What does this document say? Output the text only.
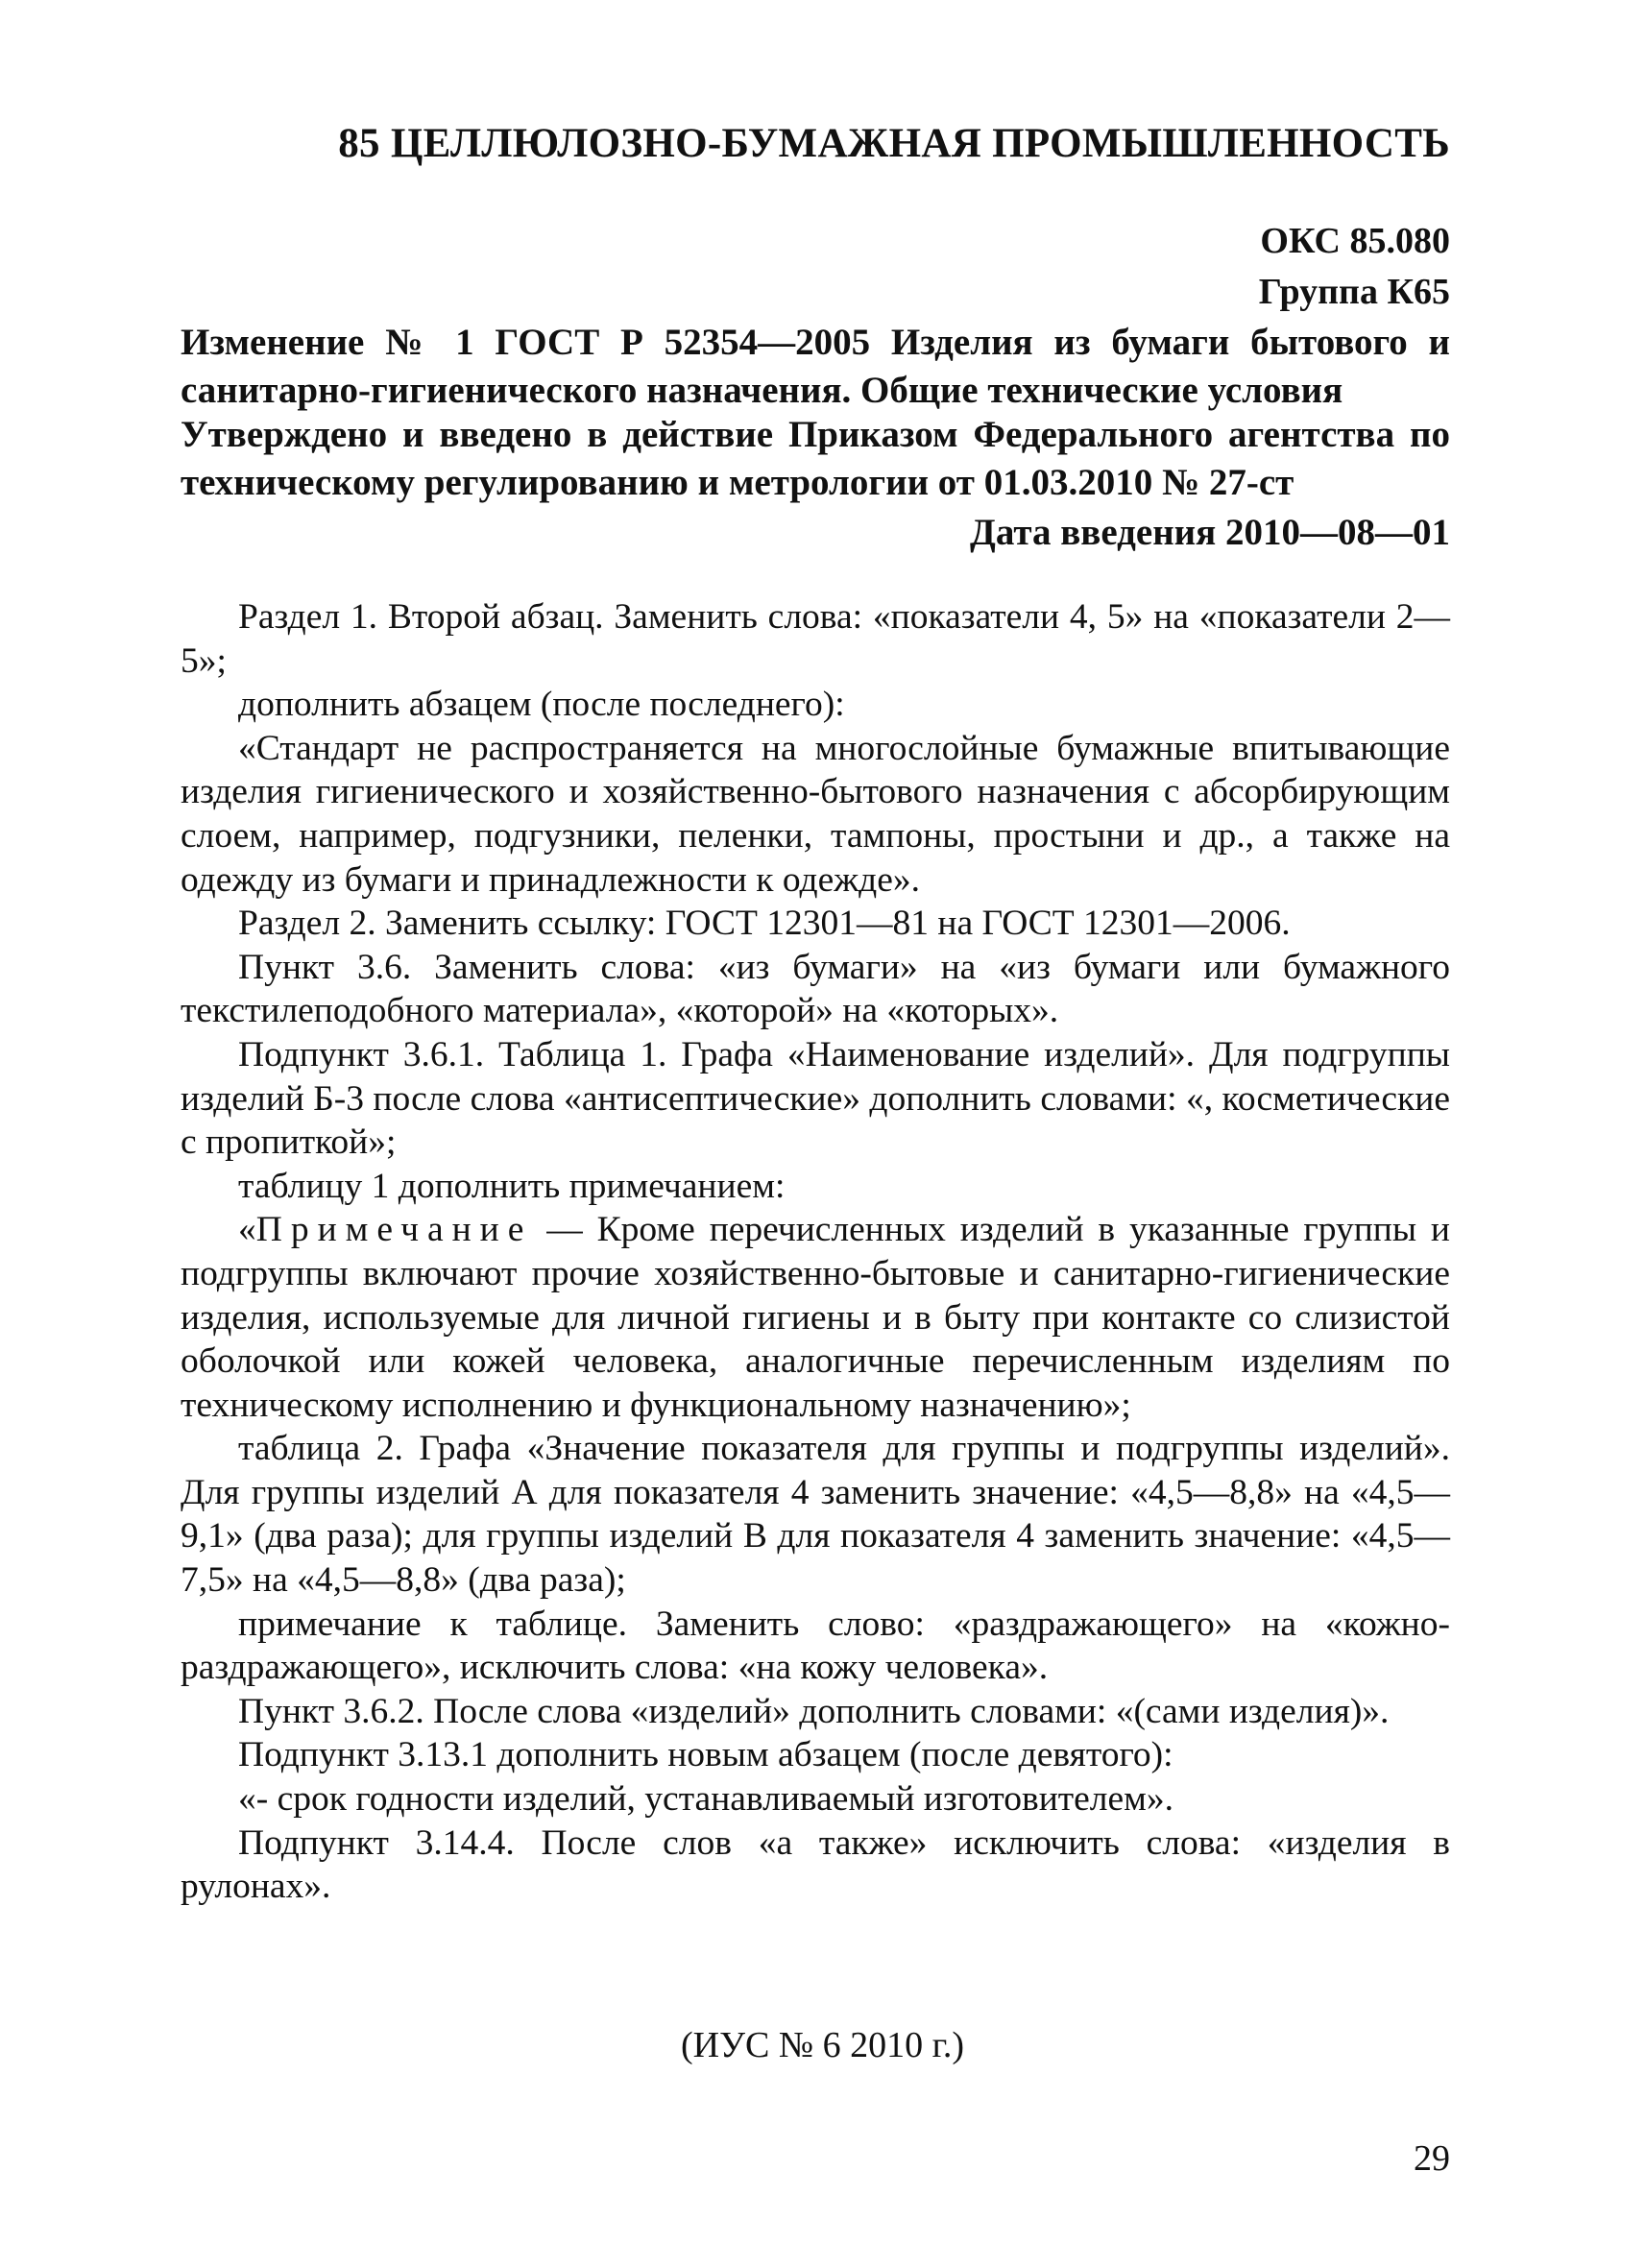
85 ЦЕЛЛЮЛОЗНО-БУМАЖНАЯ ПРОМЫШЛЕННОСТЬ
ОКС 85.080
Группа К65
Изменение № 1 ГОСТ Р 52354—2005 Изделия из бумаги бытового и санитарно-гигиенического назначения. Общие технические условия
Утверждено и введено в действие Приказом Федерального агентства по техническому регулированию и метрологии от 01.03.2010 № 27-ст
Дата введения 2010—08—01

Раздел 1. Второй абзац. Заменить слова: «показатели 4, 5» на «показатели 2—5»;

дополнить абзацем (после последнего):

«Стандарт не распространяется на многослойные бумажные впитывающие изделия гигиенического и хозяйственно-бытового назначения с абсорбирующим слоем, например, подгузники, пеленки, тампоны, простыни и др., а также на одежду из бумаги и принадлежности к одежде».

Раздел 2. Заменить ссылку: ГОСТ 12301—81 на ГОСТ 12301—2006.

Пункт 3.6. Заменить слова: «из бумаги» на «из бумаги или бумажного текстилеподобного материала», «которой» на «которых».

Подпункт 3.6.1. Таблица 1. Графа «Наименование изделий». Для подгруппы изделий Б-3 после слова «антисептические» дополнить словами: «, косметические с пропиткой»;

таблицу 1 дополнить примечанием:

«Примечание — Кроме перечисленных изделий в указанные группы и подгруппы включают прочие хозяйственно-бытовые и санитарно-гигиенические изделия, используемые для личной гигиены и в быту при контакте со слизистой оболочкой или кожей человека, аналогичные перечисленным изделиям по техническому исполнению и функциональному назначению»;

таблица 2. Графа «Значение показателя для группы и подгруппы изделий». Для группы изделий А для показателя 4 заменить значение: «4,5—8,8» на «4,5—9,1» (два раза); для группы изделий В для показателя 4 заменить значение: «4,5—7,5» на «4,5—8,8» (два раза);

примечание к таблице. Заменить слово: «раздражающего» на «кожно-раздражающего», исключить слова: «на кожу человека».

Пункт 3.6.2. После слова «изделий» дополнить словами: «(сами изделия)».

Подпункт 3.13.1 дополнить новым абзацем (после девятого):

«- срок годности изделий, устанавливаемый изготовителем».

Подпункт 3.14.4. После слов «а также» исключить слова: «изделия в рулонах».

(ИУС № 6 2010 г.)
29
